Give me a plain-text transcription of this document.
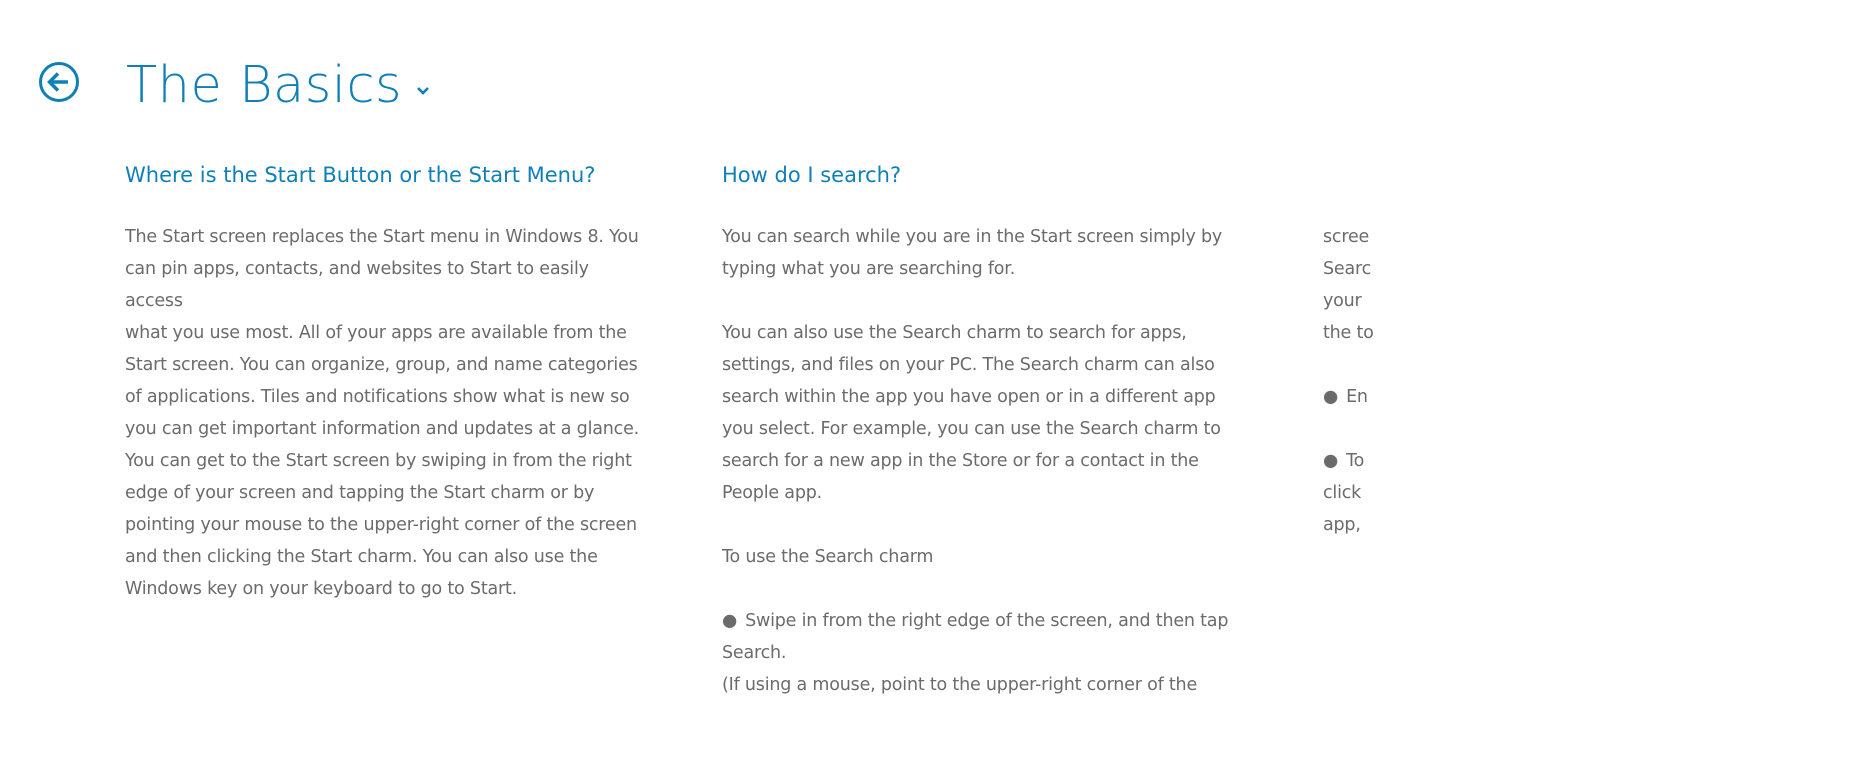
The Basics
Where is the Start Button or the Start Menu?

The Start screen replaces the Start menu in Windows 8. You
can pin apps, contacts, and websites to Start to easily access
what you use most. All of your apps are available from the
Start screen. You can organize, group, and name categories
of applications. Tiles and notifications show what is new so
you can get important information and updates at a glance.
You can get to the Start screen by swiping in from the right
edge of your screen and tapping the Start charm or by
pointing your mouse to the upper-right corner of the screen
and then clicking the Start charm. You can also use the
Windows key on your keyboard to go to Start.

How do I search?

You can search while you are in the Start screen simply by
typing what you are searching for.

You can also use the Search charm to search for apps,
settings, and files on your PC. The Search charm can also
search within the app you have open or in a different app
you select. For example, you can use the Search charm to
search for a new app in the Store or for a contact in the
People app.

To use the Search charm

● Swipe in from the right edge of the screen, and then tap
Search.

(If using a mouse, point to the upper-right corner of the

scree
Searc
your
the to

● En

● To
click
app,
